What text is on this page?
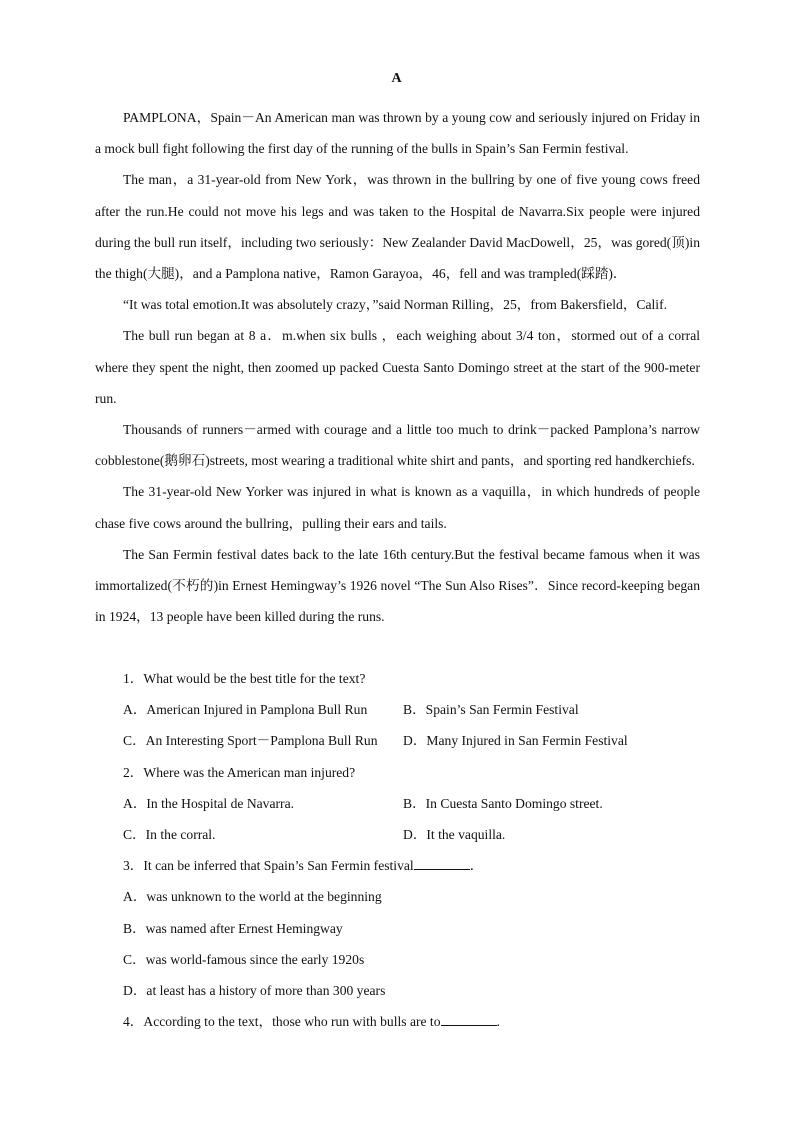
A

PAMPLONA，Spain－An American man was thrown by a young cow and seriously injured on Friday in a mock bull fight following the first day of the running of the bulls in Spain’s San Fermin festival.

The man，a 31-year-old from New York，was thrown in the bullring by one of five young cows freed after the run.He could not move his legs and was taken to the Hospital de Navarra.Six people were injured during the bull run itself，including two seriously：New Zealander David MacDowell，25，was gored(顶)in the thigh(大腿)，and a Pamplona native，Ramon Garayoa，46，fell and was trampled(踩踏)．

“It was total emotion.It was absolutely crazy，”said Norman Rilling，25，from Bakersfield，Calif.

The bull run began at 8 a．m.when six bulls ，each weighing about 3/4 ton，stormed out of a corral where they spent the night, then zoomed up packed Cuesta Santo Domingo street at the start of the 900-meter run.

Thousands of runners－armed with courage and a little too much to drink－packed Pamplona’s narrow cobblestone(鹅卵石)streets, most wearing a traditional white shirt and pants，and sporting red handkerchiefs.

The 31-year-old New Yorker was injured in what is known as a vaquilla，in which hundreds of people chase five cows around the bullring，pulling their ears and tails.

The San Fermin festival dates back to the late 16th century.But the festival became famous when it was immortalized(不朽的)in Ernest Hemingway’s 1926 novel “The Sun Also Rises”．Since record-keeping began in 1924，13 people have been killed during the runs.

1．What would be the best title for the text?
A．American Injured in Pamplona Bull Run	B．Spain’s San Fermin Festival
C．An Interesting Sport－Pamplona Bull Run	D．Many Injured in San Fermin Festival
2．Where was the American man injured?
A．In the Hospital de Navarra.	B．In Cuesta Santo Domingo street.
C．In the corral.	D．It the vaquilla.
3．It can be inferred that Spain’s San Fermin festival	．
A．was unknown to the world at the beginning
B．was named after Ernest Hemingway
C．was world-famous since the early 1920s
D．at least has a history of more than 300 years
4．According to the text，those who run with bulls are to	.
